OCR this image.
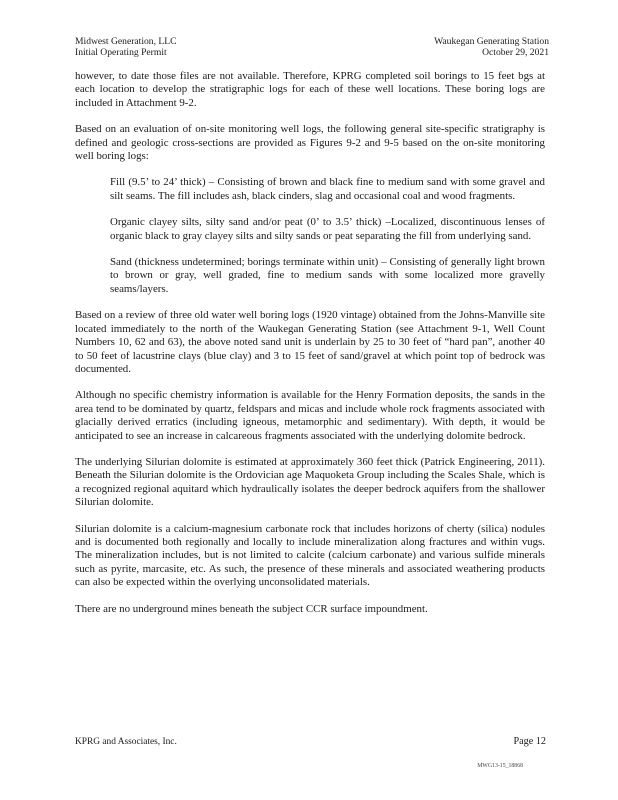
Midwest Generation, LLC
Initial Operating Permit
Waukegan Generating Station
October 29, 2021

however, to date those files are not available. Therefore, KPRG completed soil borings to 15 feet bgs at each location to develop the stratigraphic logs for each of these well locations. These boring logs are included in Attachment 9-2.

Based on an evaluation of on-site monitoring well logs, the following general site-specific stratigraphy is defined and geologic cross-sections are provided as Figures 9-2 and 9-5 based on the on-site monitoring well boring logs:

Fill (9.5’ to 24’ thick) – Consisting of brown and black fine to medium sand with some gravel and silt seams. The fill includes ash, black cinders, slag and occasional coal and wood fragments.

Organic clayey silts, silty sand and/or peat (0’ to 3.5’ thick) –Localized, discontinuous lenses of organic black to gray clayey silts and silty sands or peat separating the fill from underlying sand.

Sand (thickness undetermined; borings terminate within unit) – Consisting of generally light brown to brown or gray, well graded, fine to medium sands with some localized more gravelly seams/layers.

Based on a review of three old water well boring logs (1920 vintage) obtained from the Johns-Manville site located immediately to the north of the Waukegan Generating Station (see Attachment 9-1, Well Count Numbers 10, 62 and 63), the above noted sand unit is underlain by 25 to 30 feet of “hard pan”, another 40 to 50 feet of lacustrine clays (blue clay) and 3 to 15 feet of sand/gravel at which point top of bedrock was documented.

Although no specific chemistry information is available for the Henry Formation deposits, the sands in the area tend to be dominated by quartz, feldspars and micas and include whole rock fragments associated with glacially derived erratics (including igneous, metamorphic and sedimentary). With depth, it would be anticipated to see an increase in calcareous fragments associated with the underlying dolomite bedrock.

The underlying Silurian dolomite is estimated at approximately 360 feet thick (Patrick Engineering, 2011). Beneath the Silurian dolomite is the Ordovician age Maquoketa Group including the Scales Shale, which is a recognized regional aquitard which hydraulically isolates the deeper bedrock aquifers from the shallower Silurian dolomite.

Silurian dolomite is a calcium-magnesium carbonate rock that includes horizons of cherty (silica) nodules and is documented both regionally and locally to include mineralization along fractures and within vugs. The mineralization includes, but is not limited to calcite (calcium carbonate) and various sulfide minerals such as pyrite, marcasite, etc. As such, the presence of these minerals and associated weathering products can also be expected within the overlying unconsolidated materials.

There are no underground mines beneath the subject CCR surface impoundment.

KPRG and Associates, Inc.	Page 12
MWG13-15_18868
